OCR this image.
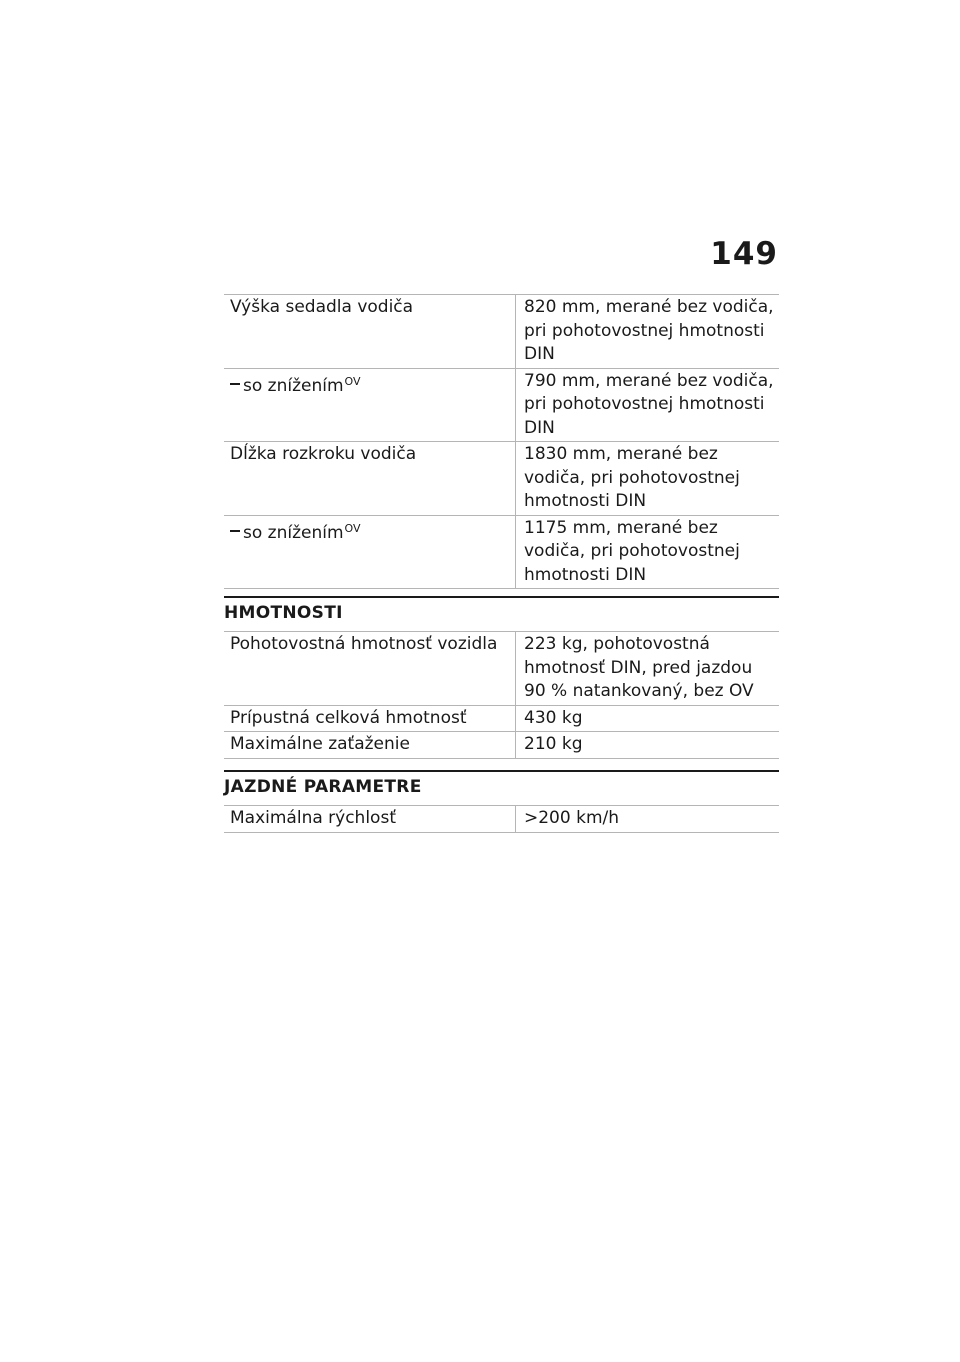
149
Výška sedadla vodiča	820 mm, merané bez vodiča, pri pohotovostnej hmotnosti DIN
so znížením$^{OV}$	790 mm, merané bez vodiča, pri pohotovostnej hmotnosti DIN
Dĺžka rozkroku vodiča	1830 mm, merané bez vodiča, pri pohotovostnej hmotnosti DIN
so znížením$^{OV}$	1175 mm, merané bez vodiča, pri pohotovostnej hmotnosti DIN
HMOTNOSTI
Pohotovostná hmotnosť vozidla	223 kg, pohotovostná hmotnosť DIN, pred jazdou 90 % natankovaný, bez OV
Prípustná celková hmotnosť	430 kg
Maximálne zaťaženie	210 kg
JAZDNÉ PARAMETRE
Maximálna rýchlosť	>200 km/h
